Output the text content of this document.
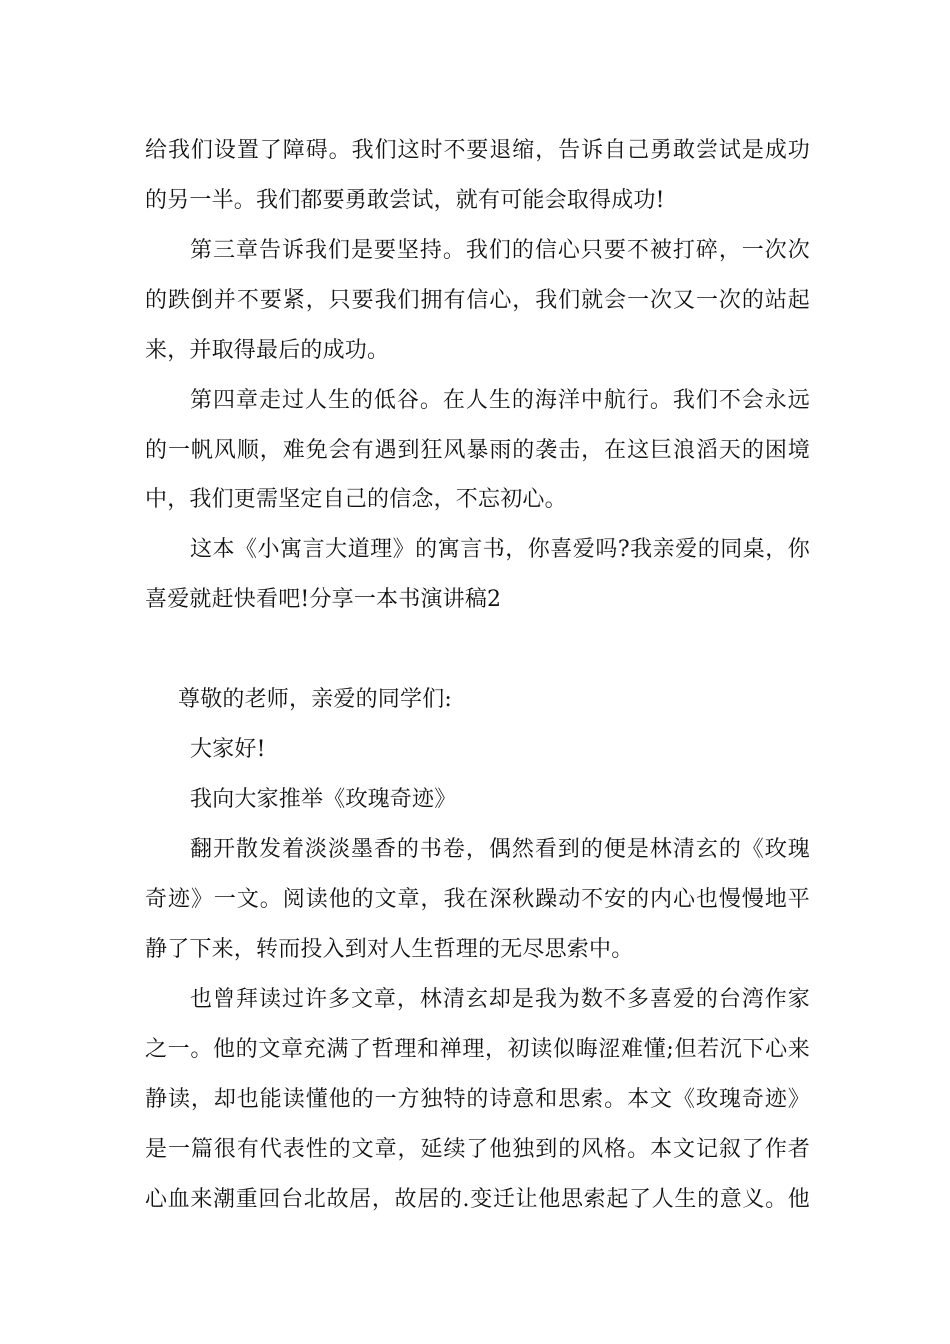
给我们设置了障碍。我们这时不要退缩，告诉自己勇敢尝试是成功
的另一半。我们都要勇敢尝试，就有可能会取得成功!
第三章告诉我们是要坚持。我们的信心只要不被打碎，一次次
的跌倒并不要紧，只要我们拥有信心，我们就会一次又一次的站起
来，并取得最后的成功。
第四章走过人生的低谷。在人生的海洋中航行。我们不会永远
的一帆风顺，难免会有遇到狂风暴雨的袭击，在这巨浪滔天的困境
中，我们更需坚定自己的信念，不忘初心。
这本《小寓言大道理》的寓言书，你喜爱吗?我亲爱的同桌，你
喜爱就赶快看吧!分享一本书演讲稿2
尊敬的老师，亲爱的同学们:
大家好!
我向大家推举《玫瑰奇迹》
翻开散发着淡淡墨香的书卷，偶然看到的便是林清玄的《玫瑰
奇迹》一文。阅读他的文章，我在深秋躁动不安的内心也慢慢地平
静了下来，转而投入到对人生哲理的无尽思索中。
也曾拜读过许多文章，林清玄却是我为数不多喜爱的台湾作家
之一。他的文章充满了哲理和禅理，初读似晦涩难懂;但若沉下心来
静读，却也能读懂他的一方独特的诗意和思索。本文《玫瑰奇迹》
是一篇很有代表性的文章，延续了他独到的风格。本文记叙了作者
心血来潮重回台北故居，故居的.变迁让他思索起了人生的意义。他
